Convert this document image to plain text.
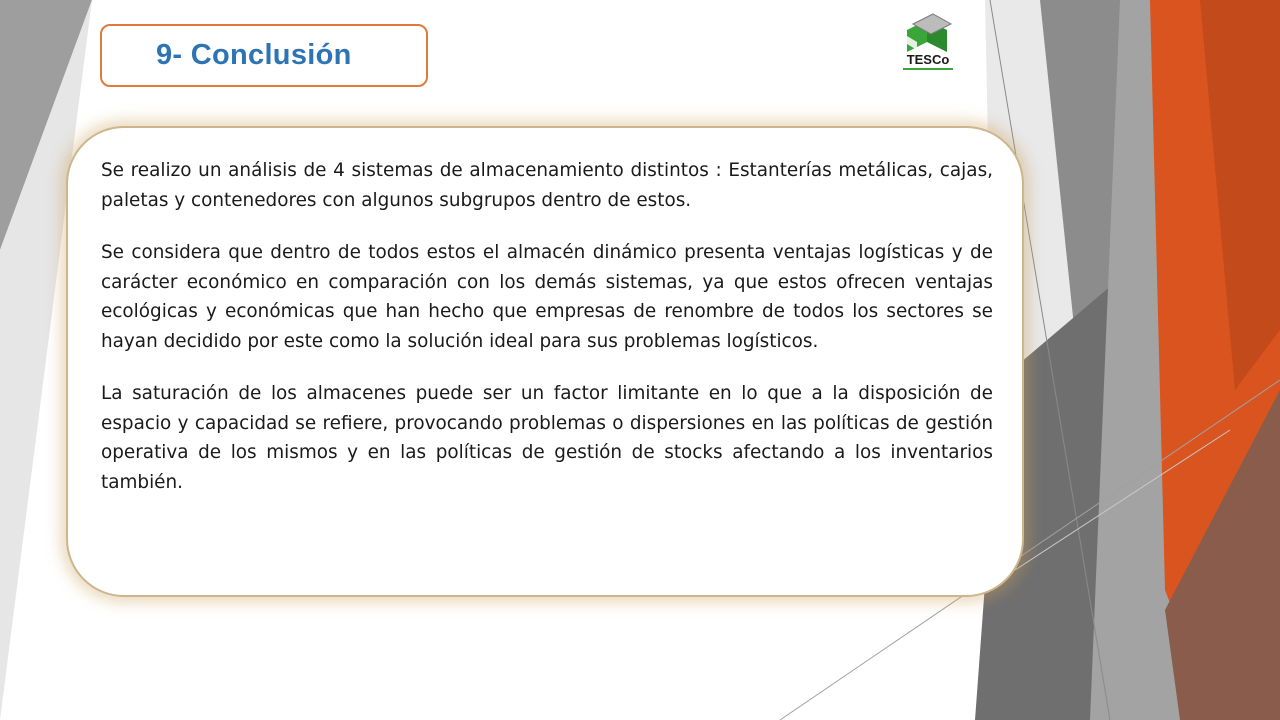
9- Conclusión	TESCo

Se realizo un análisis de 4 sistemas de almacenamiento distintos : Estanterías metálicas, cajas, paletas y contenedores con algunos subgrupos dentro de estos.

Se considera que dentro de todos estos el almacén dinámico presenta ventajas logísticas y de carácter económico en comparación con los demás sistemas, ya que estos ofrecen ventajas ecológicas y económicas que han hecho que empresas de renombre de todos los sectores se hayan decidido por este como la solución ideal para sus problemas logísticos.

La saturación de los almacenes puede ser un factor limitante en lo que a la disposición de espacio y capacidad se refiere, provocando problemas o dispersiones en las políticas de gestión operativa de los mismos y en las políticas de gestión de stocks afectando a los inventarios también.
